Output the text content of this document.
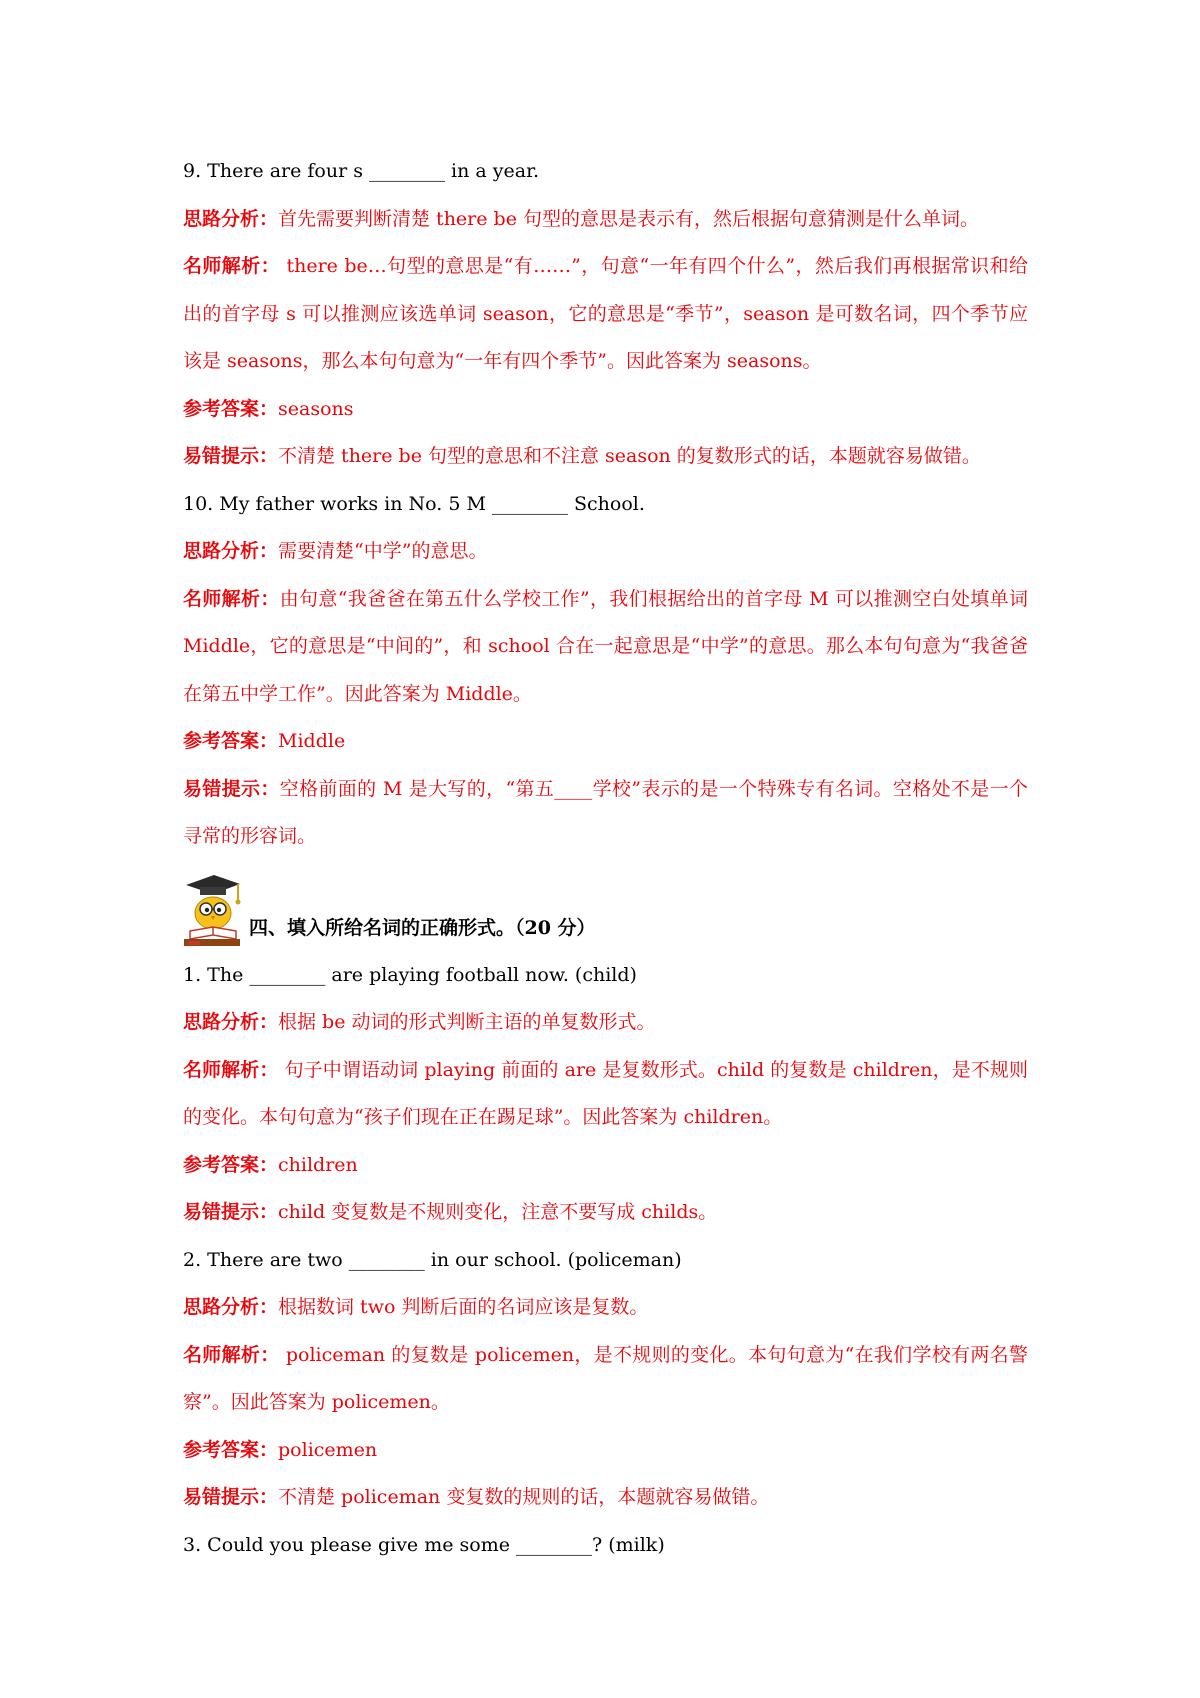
9. There are four s ________ in a year.
思路分析：首先需要判断清楚 there be 句型的意思是表示有，然后根据句意猜测是什么单词。
名师解析： there be…句型的意思是“有……”，句意“一年有四个什么”，然后我们再根据常识和给出的首字母 s 可以推测应该选单词 season，它的意思是“季节”，season 是可数名词，四个季节应该是 seasons，那么本句句意为“一年有四个季节”。因此答案为 seasons。
参考答案：seasons
易错提示：不清楚 there be 句型的意思和不注意 season 的复数形式的话，本题就容易做错。
10. My father works in No. 5 M ________ School.
思路分析：需要清楚“中学”的意思。
名师解析：由句意“我爸爸在第五什么学校工作”，我们根据给出的首字母 M 可以推测空白处填单词 Middle，它的意思是“中间的”，和 school 合在一起意思是“中学”的意思。那么本句句意为“我爸爸在第五中学工作”。因此答案为 Middle。
参考答案：Middle
易错提示：空格前面的 M 是大写的，“第五____学校”表示的是一个特殊专有名词。空格处不是一个寻常的形容词。
四、填入所给名词的正确形式。（20 分）
1. The ________ are playing football now. (child)
思路分析：根据 be 动词的形式判断主语的单复数形式。
名师解析： 句子中谓语动词 playing 前面的 are 是复数形式。child 的复数是 children，是不规则的变化。本句句意为“孩子们现在正在踢足球”。因此答案为 children。
参考答案：children
易错提示：child 变复数是不规则变化，注意不要写成 childs。
2. There are two ________ in our school. (policeman)
思路分析：根据数词 two 判断后面的名词应该是复数。
名师解析： policeman 的复数是 policemen，是不规则的变化。本句句意为“在我们学校有两名警察”。因此答案为 policemen。
参考答案：policemen
易错提示：不清楚 policeman 变复数的规则的话，本题就容易做错。
3. Could you please give me some ________? (milk)
